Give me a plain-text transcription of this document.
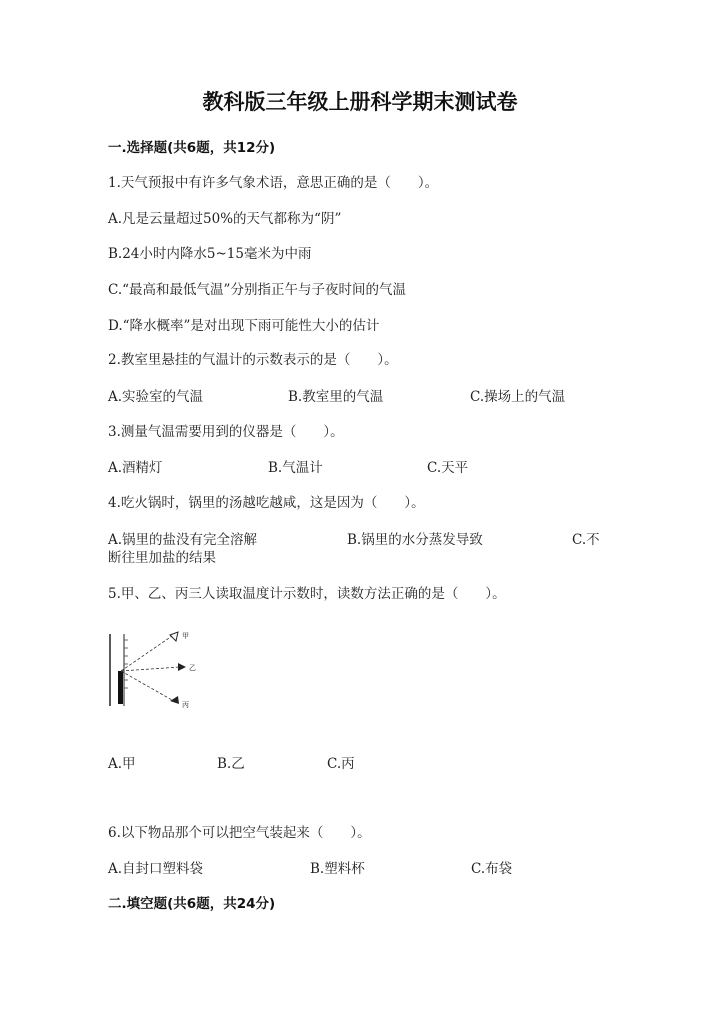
教科版三年级上册科学期末测试卷
一.选择题(共6题，共12分)
1.天气预报中有许多气象术语，意思正确的是（　　）。
A.凡是云量超过50%的天气都称为“阴”
B.24小时内降水5~15毫米为中雨
C.“最高和最低气温”分别指正午与子夜时间的气温
D.“降水概率”是对出现下雨可能性大小的估计
2.教室里悬挂的气温计的示数表示的是（　　）。
A.实验室的气温	B.教室里的气温	C.操场上的气温
3.测量气温需要用到的仪器是（　　）。
A.酒精灯	B.气温计	C.天平
4.吃火锅时，锅里的汤越吃越咸，这是因为（　　）。
A.锅里的盐没有完全溶解	B.锅里的水分蒸发导致	C.不
断往里加盐的结果
5.甲、乙、丙三人读取温度计示数时，读数方法正确的是（　　）。
甲
乙
丙
A.甲	B.乙	C.丙
6.以下物品那个可以把空气装起来（　　）。
A.自封口塑料袋	B.塑料杯	C.布袋
二.填空题(共6题，共24分)
